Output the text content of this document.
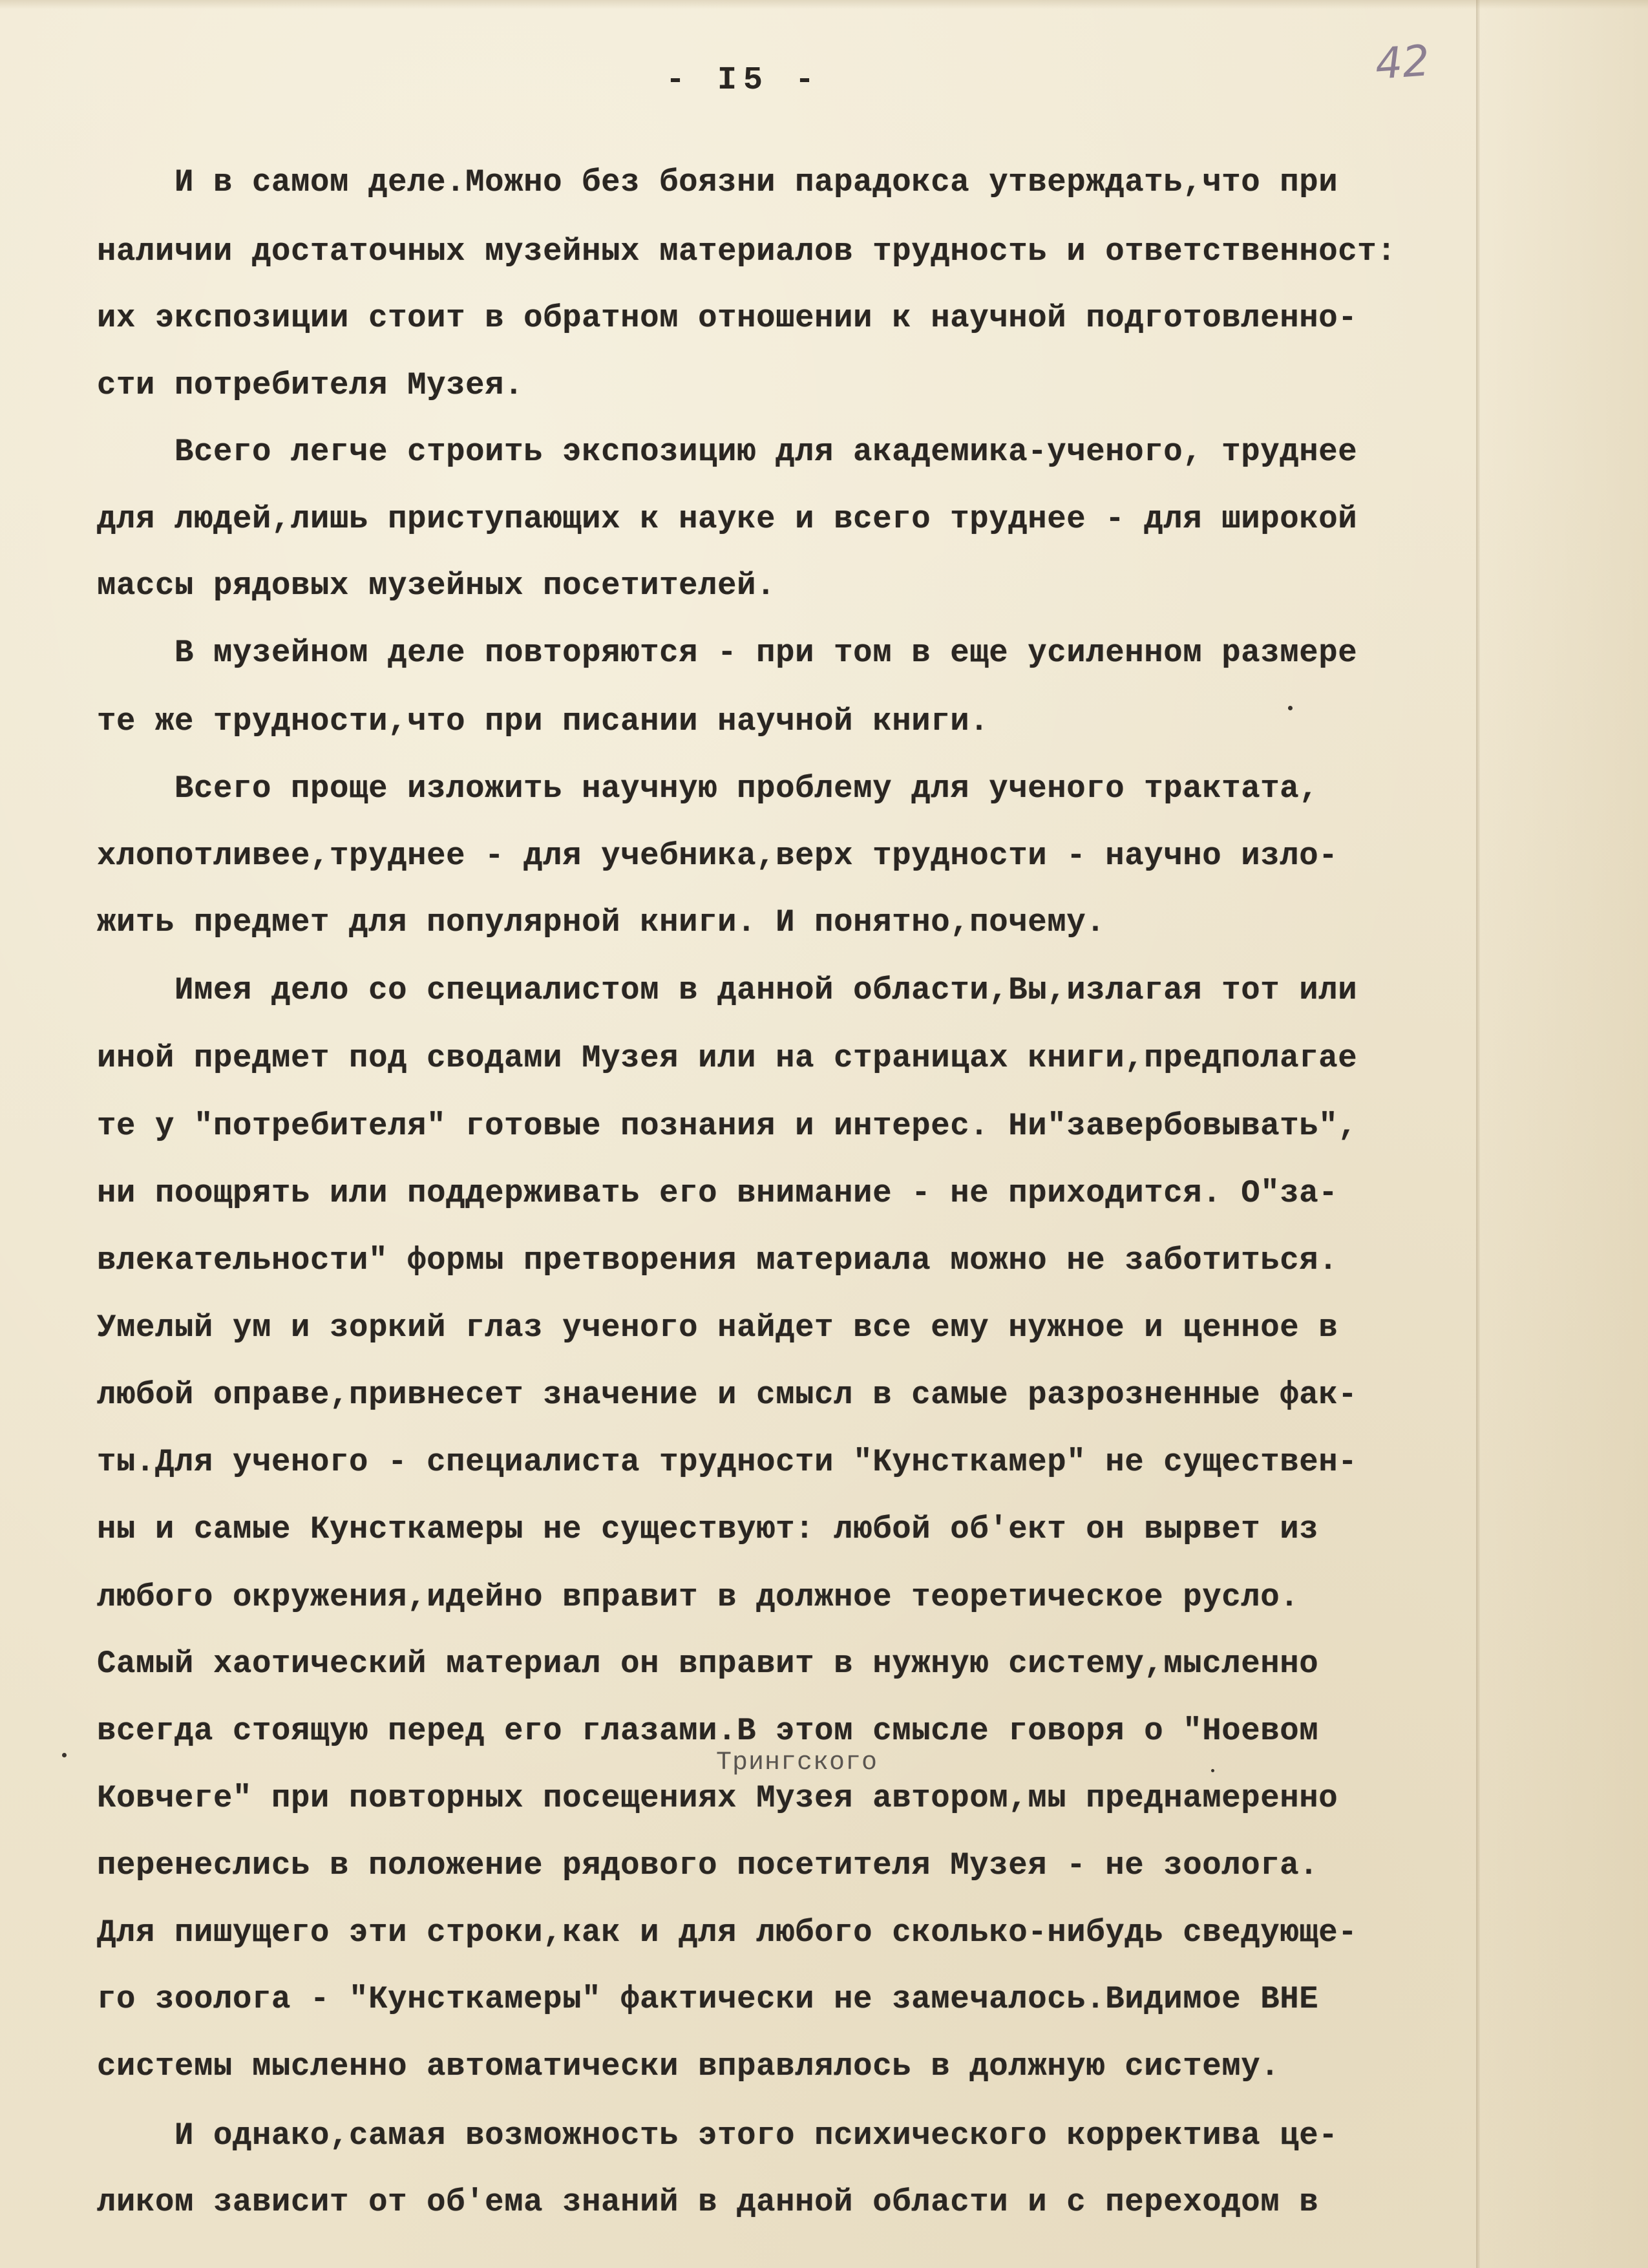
- I5 -	42
И в самом деле.Можно без боязни парадокса утверждать,что при
наличии достаточных музейных материалов трудность и ответственност:
их экспозиции стоит в обратном отношении к научной подготовленно-
сти потребителя Музея.
Всего легче строить экспозицию для академика-ученого, труднее
для людей,лишь приступающих к науке и всего труднее - для широкой
массы рядовых музейных посетителей.
В музейном деле повторяются - при том в еще усиленном размере
те же трудности,что при писании научной книги.
Всего проще изложить научную проблему для ученого трактата,
хлопотливее,труднее - для учебника,верх трудности - научно изло-
жить предмет для популярной книги. И понятно,почему.
Имея дело со специалистом в данной области,Вы,излагая тот или
иной предмет под сводами Музея или на страницах книги,предполагае
те у "потребителя" готовые познания и интерес. Ни"завербовывать",
ни поощрять или поддерживать его внимание - не приходится. О"за-
влекательности" формы претворения материала можно не заботиться.
Умелый ум и зоркий глаз ученого найдет все ему нужное и ценное в
любой оправе,привнесет значение и смысл в самые разрозненные фак-
ты.Для ученого - специалиста трудности "Кунсткамер" не существен-
ны и самые Кунсткамеры не существуют: любой об'ект он вырвет из
любого окружения,идейно вправит в должное теоретическое русло.
Самый хаотический материал он вправит в нужную систему,мысленно
всегда стоящую перед его глазами.В этом смысле говоря о "Ноевом
Ковчеге" при повторных посещениях Музея автором,мы преднамеренно
перенеслись в положение рядового посетителя Музея - не зоолога.
Для пишущего эти строки,как и для любого сколько-нибудь сведующе-
го зоолога - "Кунсткамеры" фактически не замечалось.Видимое ВНЕ
системы мысленно автоматически вправлялось в должную систему.
И однако,самая возможность этого психического корректива це-
ликом зависит от об'ема знаний в данной области и с переходом в
Трингского
